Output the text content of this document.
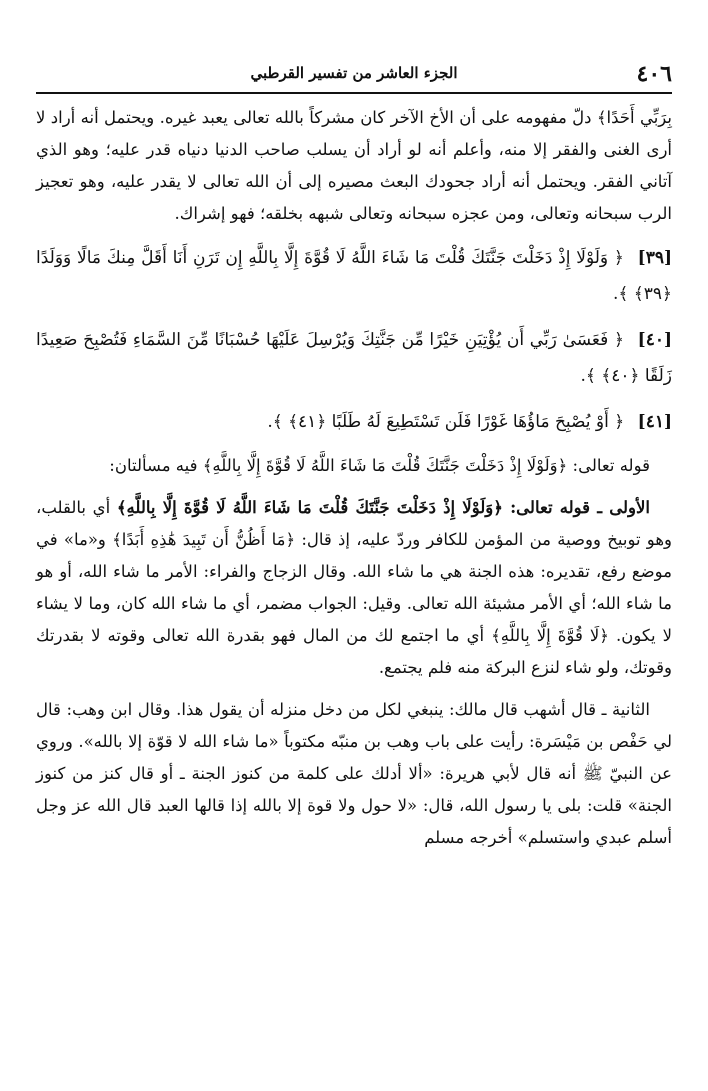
٤٠٦
الجزء العاشر من تفسير القرطبي

بِرَبِّي أَحَدًا﴾ دلّ مفهومه على أن الأخ الآخر كان مشركاً بالله تعالى يعبد غيره. ويحتمل أنه أراد لا أرى الغنى والفقر إلا منه، وأعلم أنه لو أراد أن يسلب صاحب الدنيا دنياه قدر عليه؛ وهو الذي آتاني الفقر. ويحتمل أنه أراد جحودك البعث مصيره إلى أن الله تعالى لا يقدر عليه، وهو تعجيز الرب سبحانه وتعالى، ومن عجزه سبحانه وتعالى شبهه بخلقه؛ فهو إشراك.

[٣٩] ﴿ وَلَوْلَا إِذْ دَخَلْتَ جَنَّتَكَ قُلْتَ مَا شَاءَ اللَّهُ لَا قُوَّةَ إِلَّا بِاللَّهِ إِن تَرَنِ أَنَا أَقَلَّ مِنكَ مَالًا وَوَلَدًا ﴿٣٩﴾ ﴾.

[٤٠] ﴿ فَعَسَىٰ رَبِّي أَن يُؤْتِيَنِ خَيْرًا مِّن جَنَّتِكَ وَيُرْسِلَ عَلَيْهَا حُسْبَانًا مِّنَ السَّمَاءِ فَتُصْبِحَ صَعِيدًا زَلَقًا ﴿٤٠﴾ ﴾.

[٤١] ﴿ أَوْ يُصْبِحَ مَاؤُهَا غَوْرًا فَلَن تَسْتَطِيعَ لَهُ طَلَبًا ﴿٤١﴾ ﴾.

قوله تعالى: ﴿وَلَوْلَا إِذْ دَخَلْتَ جَنَّتَكَ قُلْتَ مَا شَاءَ اللَّهُ لَا قُوَّةَ إِلَّا بِاللَّهِ﴾ فيه مسألتان:

الأولى ـ قوله تعالى: ﴿وَلَوْلَا إِذْ دَخَلْتَ جَنَّتَكَ قُلْتَ مَا شَاءَ اللَّهُ لَا قُوَّةَ إِلَّا بِاللَّهِ﴾ أي بالقلب، وهو توبيخ ووصية من المؤمن للكافر وردّ عليه، إذ قال: ﴿مَا أَظُنُّ أَن تَبِيدَ هَٰذِهِ أَبَدًا﴾ و«ما» في موضع رفع، تقديره: هذه الجنة هي ما شاء الله. وقال الزجاج والفراء: الأمر ما شاء الله، أو هو ما شاء الله؛ أي الأمر مشيئة الله تعالى. وقيل: الجواب مضمر، أي ما شاء الله كان، وما لا يشاء لا يكون. ﴿لَا قُوَّةَ إِلَّا بِاللَّهِ﴾ أي ما اجتمع لك من المال فهو بقدرة الله تعالى وقوته لا بقدرتك وقوتك، ولو شاء لنزع البركة منه فلم يجتمع.

الثانية ـ قال أشهب قال مالك: ينبغي لكل من دخل منزله أن يقول هذا. وقال ابن وهب: قال لي حَفْص بن مَيْسَرة: رأيت على باب وهب بن منبّه مكتوباً «ما شاء الله لا قوّة إلا بالله». وروي عن النبيّ ﷺ أنه قال لأبي هريرة: «ألا أدلك على كلمة من كنوز الجنة ـ أو قال كنز من كنوز الجنة» قلت: بلى يا رسول الله، قال: «لا حول ولا قوة إلا بالله إذا قالها العبد قال الله عز وجل أسلم عبدي واستسلم» أخرجه مسلم
